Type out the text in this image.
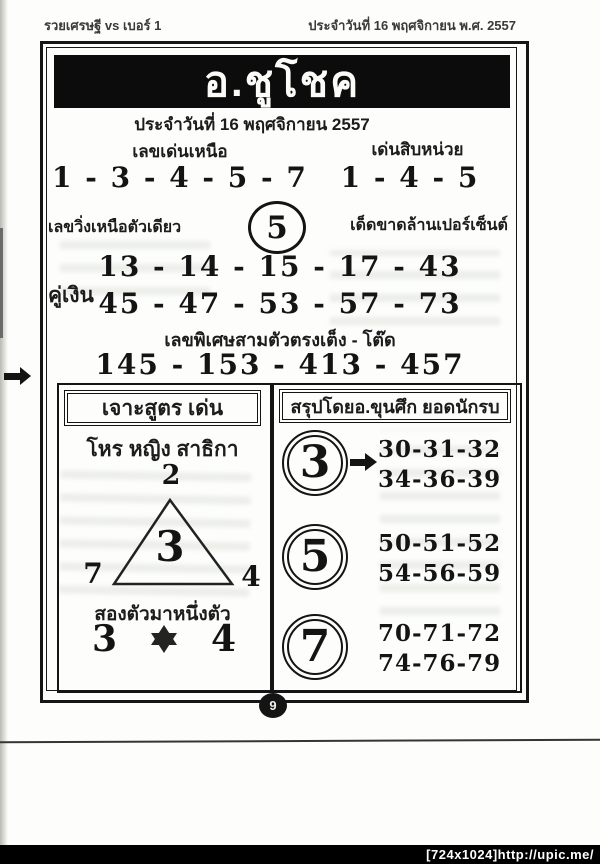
รวยเศรษฐี vs เบอร์ 1	ประจำวันที่ 16 พฤศจิกายน พ.ศ. 2557
อ.ชูโชค
ประจำวันที่ 16 พฤศจิกายน 2557
เลขเด่นเหนือ	เด่นสิบหน่วย
1 - 3 - 4 - 5 - 7	1 - 4 - 5
เลขวิ่งเหนือตัวเดียว	5	เด็ดขาดล้านเปอร์เซ็นต์
13 - 14 - 15 - 17 - 43
คู่เงิน 45 - 47 - 53 - 57 - 73
เลขพิเศษสามตัวตรงเต็ง - โต๊ด
145 - 153 - 413 - 457
เจาะสูตร เด่น
โหร หญิง สาธิกา
2
3
7	4
สองตัวมาหนึ่งตัว
3	4
สรุปโดยอ.ขุนศึก ยอดนักรบ
3 30-31-32
34-36-39
5 50-51-52
54-56-59
7 70-71-72
74-76-79
9
[724x1024]http://upic.me/
